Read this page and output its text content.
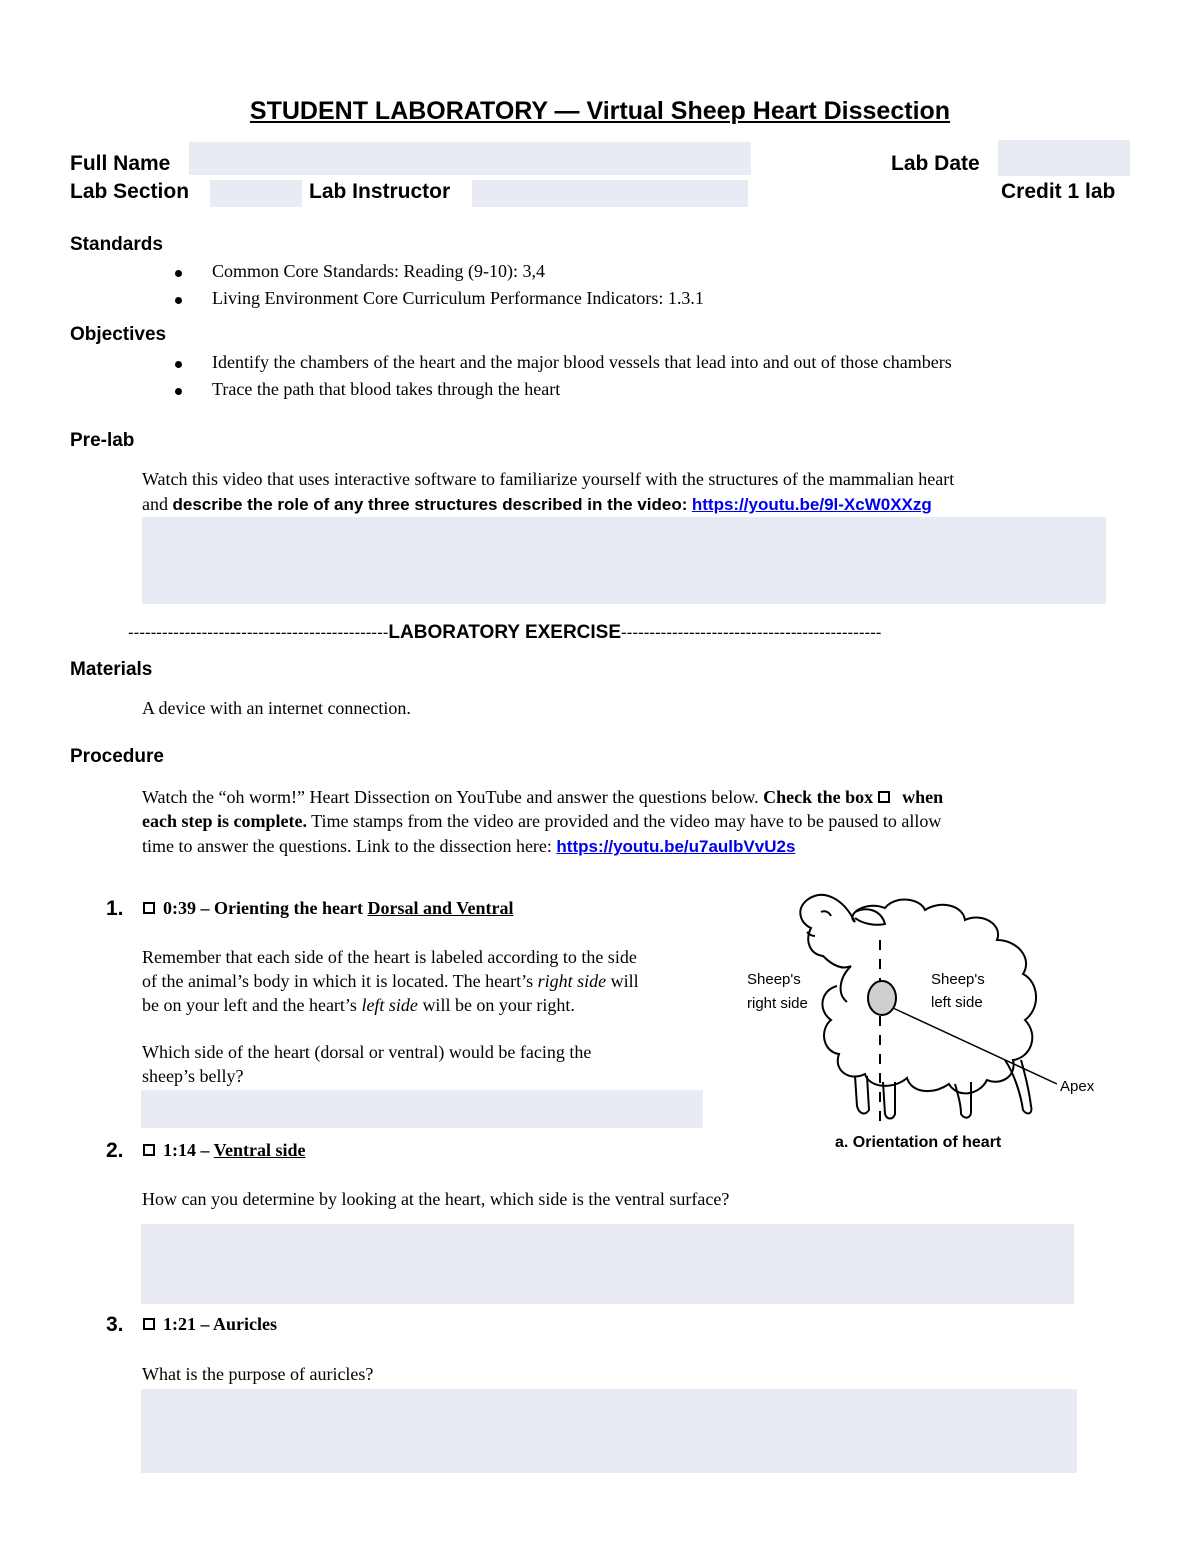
STUDENT LABORATORY — Virtual Sheep Heart Dissection
Full Name	Lab Date
Lab Section	Lab Instructor	Credit 1 lab
Standards
Common Core Standards: Reading (9-10): 3,4
Living Environment Core Curriculum Performance Indicators: 1.3.1
Objectives
Identify the chambers of the heart and the major blood vessels that lead into and out of those chambers
Trace the path that blood takes through the heart
Pre-lab
Watch this video that uses interactive software to familiarize yourself with the structures of the mammalian heart
and describe the role of any three structures described in the video: https://youtu.be/9l-XcW0XXzg
----------------------------------------------LABORATORY EXERCISE----------------------------------------------
Materials
A device with an internet connection.
Procedure
Watch the “oh worm!” Heart Dissection on YouTube and answer the questions below. Check the box  when
each step is complete. Time stamps from the video are provided and the video may have to be paused to allow
time to answer the questions. Link to the dissection here: https://youtu.be/u7aulbVvU2s
1.	0:39 – Orienting the heart Dorsal and Ventral
Remember that each side of the heart is labeled according to the side
of the animal’s body in which it is located. The heart’s right side will
be on your left and the heart’s left side will be on your right.
Which side of the heart (dorsal or ventral) would be facing the
sheep’s belly?
Sheep's
right side
Sheep's
left side
Apex
a. Orientation of heart
2.	1:14 – Ventral side
How can you determine by looking at the heart, which side is the ventral surface?
3.	1:21 – Auricles
What is the purpose of auricles?
